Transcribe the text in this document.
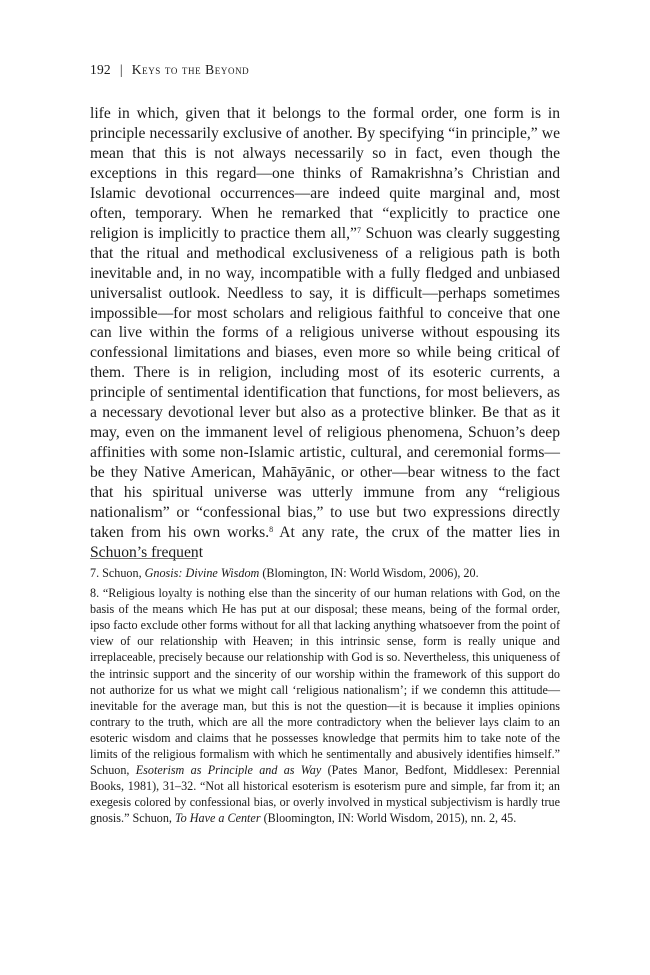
192 | Keys to the Beyond

life in which, given that it belongs to the formal order, one form is in principle necessarily exclusive of another. By specifying “in principle,” we mean that this is not always necessarily so in fact, even though the exceptions in this regard—one thinks of Ramakrishna’s Christian and Islamic devotional occurrences—are indeed quite marginal and, most often, temporary. When he remarked that “explicitly to practice one religion is implicitly to practice them all,”$^7$ Schuon was clearly suggesting that the ritual and methodical exclusiveness of a religious path is both inevitable and, in no way, incompatible with a fully fledged and unbiased universalist outlook. Needless to say, it is difficult—perhaps sometimes impossible—for most scholars and religious faithful to conceive that one can live within the forms of a religious universe without espousing its confessional limitations and biases, even more so while being critical of them. There is in religion, including most of its esoteric currents, a principle of sentimental identification that functions, for most believers, as a necessary devotional lever but also as a protective blinker. Be that as it may, even on the immanent level of religious phenomena, Schuon’s deep affinities with some non-Islamic artistic, cultural, and ceremonial forms—be they Native American, Mahāyānic, or other—bear witness to the fact that his spiritual universe was utterly immune from any “religious nationalism” or “confessional bias,” to use but two expressions directly taken from his own works.$^8$ At any rate, the crux of the matter lies in Schuon’s frequent

7. Schuon, Gnosis: Divine Wisdom (Blomington, IN: World Wisdom, 2006), 20.

8. “Religious loyalty is nothing else than the sincerity of our human relations with God, on the basis of the means which He has put at our disposal; these means, being of the formal order, ipso facto exclude other forms without for all that lacking anything whatsoever from the point of view of our relationship with Heaven; in this intrinsic sense, form is really unique and irreplaceable, precisely because our relationship with God is so. Nevertheless, this uniqueness of the intrinsic support and the sincerity of our worship within the framework of this support do not authorize for us what we might call ‘religious nationalism’; if we condemn this attitude—inevitable for the average man, but this is not the question—it is because it implies opinions contrary to the truth, which are all the more contradictory when the believer lays claim to an esoteric wisdom and claims that he possesses knowledge that permits him to take note of the limits of the religious formalism with which he sentimentally and abusively identifies himself.” Schuon, Esoterism as Principle and as Way (Pates Manor, Bedfont, Middlesex: Perennial Books, 1981), 31–32. “Not all historical esoterism is esoterism pure and simple, far from it; an exegesis colored by confessional bias, or overly involved in mystical subjectivism is hardly true gnosis.” Schuon, To Have a Center (Bloomington, IN: World Wisdom, 2015), nn. 2, 45.
